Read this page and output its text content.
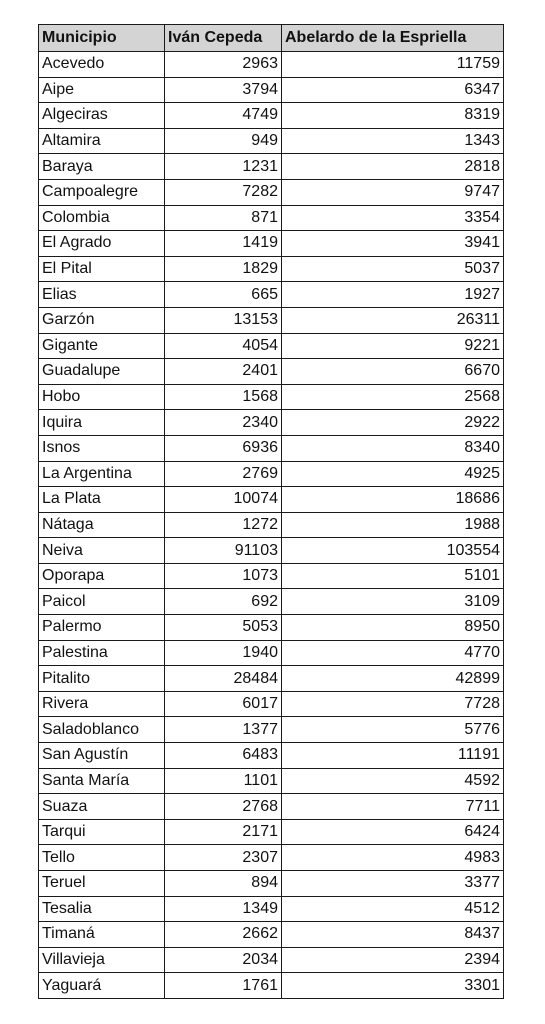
Municipio	Iván Cepeda	Abelardo de la Espriella
Acevedo	2963	11759
Aipe	3794	6347
Algeciras	4749	8319
Altamira	949	1343
Baraya	1231	2818
Campoalegre	7282	9747
Colombia	871	3354
El Agrado	1419	3941
El Pital	1829	5037
Elias	665	1927
Garzón	13153	26311
Gigante	4054	9221
Guadalupe	2401	6670
Hobo	1568	2568
Iquira	2340	2922
Isnos	6936	8340
La Argentina	2769	4925
La Plata	10074	18686
Nátaga	1272	1988
Neiva	91103	103554
Oporapa	1073	5101
Paicol	692	3109
Palermo	5053	8950
Palestina	1940	4770
Pitalito	28484	42899
Rivera	6017	7728
Saladoblanco	1377	5776
San Agustín	6483	11191
Santa María	1101	4592
Suaza	2768	7711
Tarqui	2171	6424
Tello	2307	4983
Teruel	894	3377
Tesalia	1349	4512
Timaná	2662	8437
Villavieja	2034	2394
Yaguará	1761	3301
